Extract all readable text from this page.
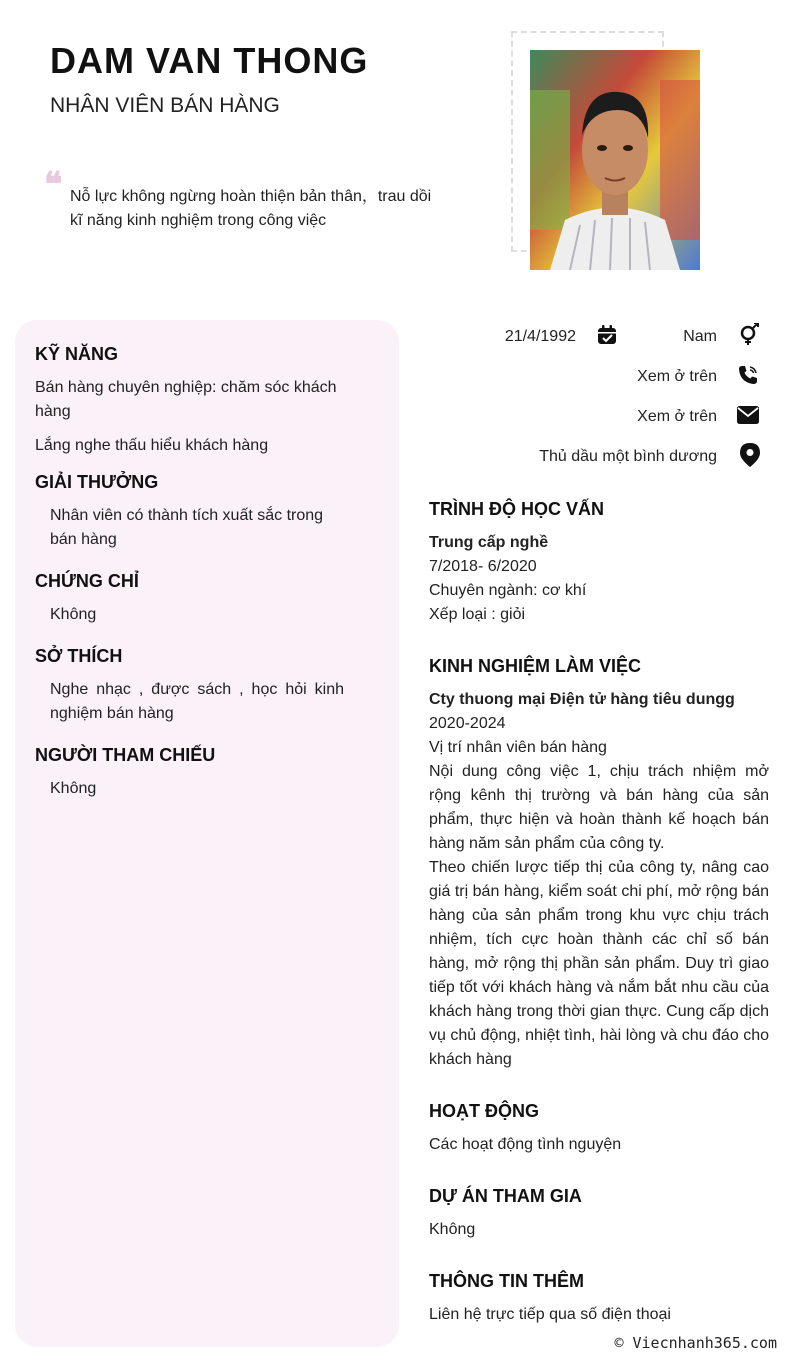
DAM VAN THONG
NHÂN VIÊN BÁN HÀNG
❝ Nỗ lực không ngừng hoàn thiện bản thân，trau dồi kĩ năng kinh nghiệm trong công việc
KỸ NĂNG
Bán hàng chuyên nghiệp: chăm sóc khách hàng
Lắng nghe thấu hiểu khách hàng
GIẢI THƯỞNG
Nhân viên có thành tích xuất sắc trong bán hàng
CHỨNG CHỈ
Không
SỞ THÍCH
Nghe nhạc , được sách , học hỏi kinh nghiệm bán hàng
NGƯỜI THAM CHIẾU
Không
21/4/1992	Nam
Xem ở trên
Xem ở trên
Thủ dầu một bình dương
TRÌNH ĐỘ HỌC VẤN
Trung cấp nghề
7/2018- 6/2020
Chuyên ngành: cơ khí
Xếp loại : giỏi
KINH NGHIỆM LÀM VIỆC
Cty thuong mại Điện tử hàng tiêu dungg
2020-2024
Vị trí nhân viên bán hàng
Nội dung công việc 1, chịu trách nhiệm mở rộng kênh thị trường và bán hàng của sản phẩm, thực hiện và hoàn thành kế hoạch bán hàng năm sản phẩm của công ty.
Theo chiến lược tiếp thị của công ty, nâng cao giá trị bán hàng, kiểm soát chi phí, mở rộng bán hàng của sản phẩm trong khu vực chịu trách nhiệm, tích cực hoàn thành các chỉ số bán hàng, mở rộng thị phần sản phẩm. Duy trì giao tiếp tốt với khách hàng và nắm bắt nhu cầu của khách hàng trong thời gian thực. Cung cấp dịch vụ chủ động, nhiệt tình, hài lòng và chu đáo cho khách hàng
HOẠT ĐỘNG
Các hoạt động tình nguyện
DỰ ÁN THAM GIA
Không
THÔNG TIN THÊM
Liên hệ trực tiếp qua số điện thoại
© Viecnhanh365.com
